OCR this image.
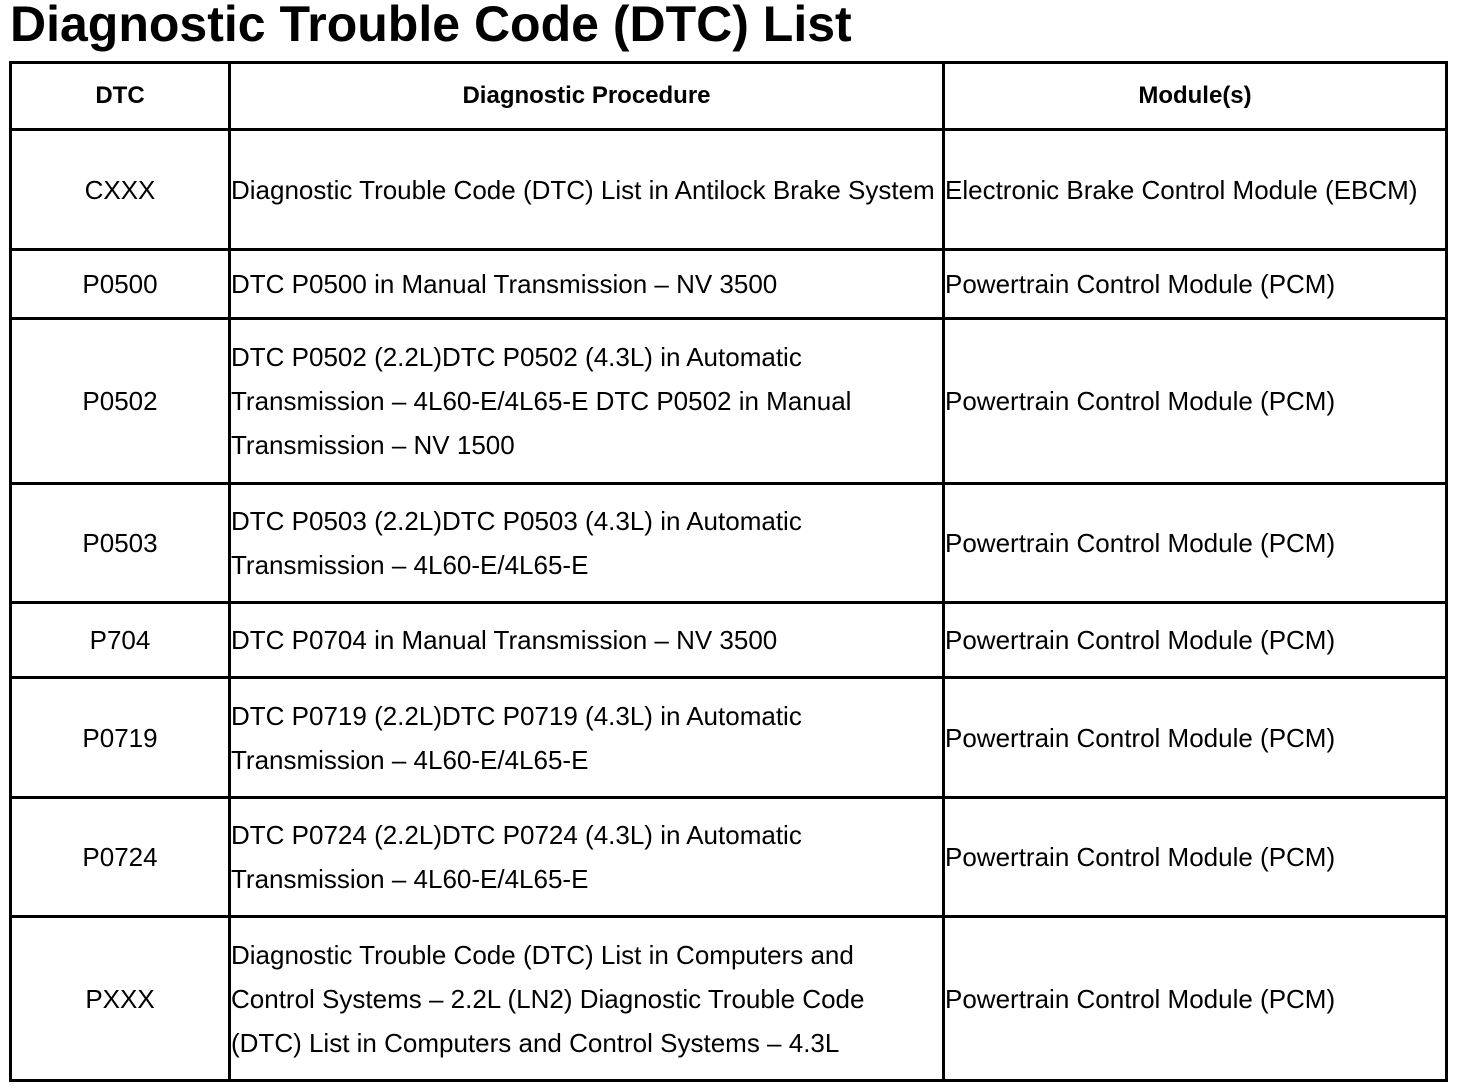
Diagnostic Trouble Code (DTC) List
DTC	Diagnostic Procedure	Module(s)
CXXX	Diagnostic Trouble Code (DTC) List in Antilock Brake System	Electronic Brake Control Module (EBCM)
P0500	DTC P0500 in Manual Transmission – NV 3500	Powertrain Control Module (PCM)
P0502	DTC P0502 (2.2L)DTC P0502 (4.3L) in Automatic Transmission – 4L60-E/4L65-E DTC P0502 in Manual Transmission – NV 1500	Powertrain Control Module (PCM)
P0503	DTC P0503 (2.2L)DTC P0503 (4.3L) in Automatic Transmission – 4L60-E/4L65-E	Powertrain Control Module (PCM)
P704	DTC P0704 in Manual Transmission – NV 3500	Powertrain Control Module (PCM)
P0719	DTC P0719 (2.2L)DTC P0719 (4.3L) in Automatic Transmission – 4L60-E/4L65-E	Powertrain Control Module (PCM)
P0724	DTC P0724 (2.2L)DTC P0724 (4.3L) in Automatic Transmission – 4L60-E/4L65-E	Powertrain Control Module (PCM)
PXXX	Diagnostic Trouble Code (DTC) List in Computers and Control Systems – 2.2L (LN2) Diagnostic Trouble Code (DTC) List in Computers and Control Systems – 4.3L	Powertrain Control Module (PCM)
